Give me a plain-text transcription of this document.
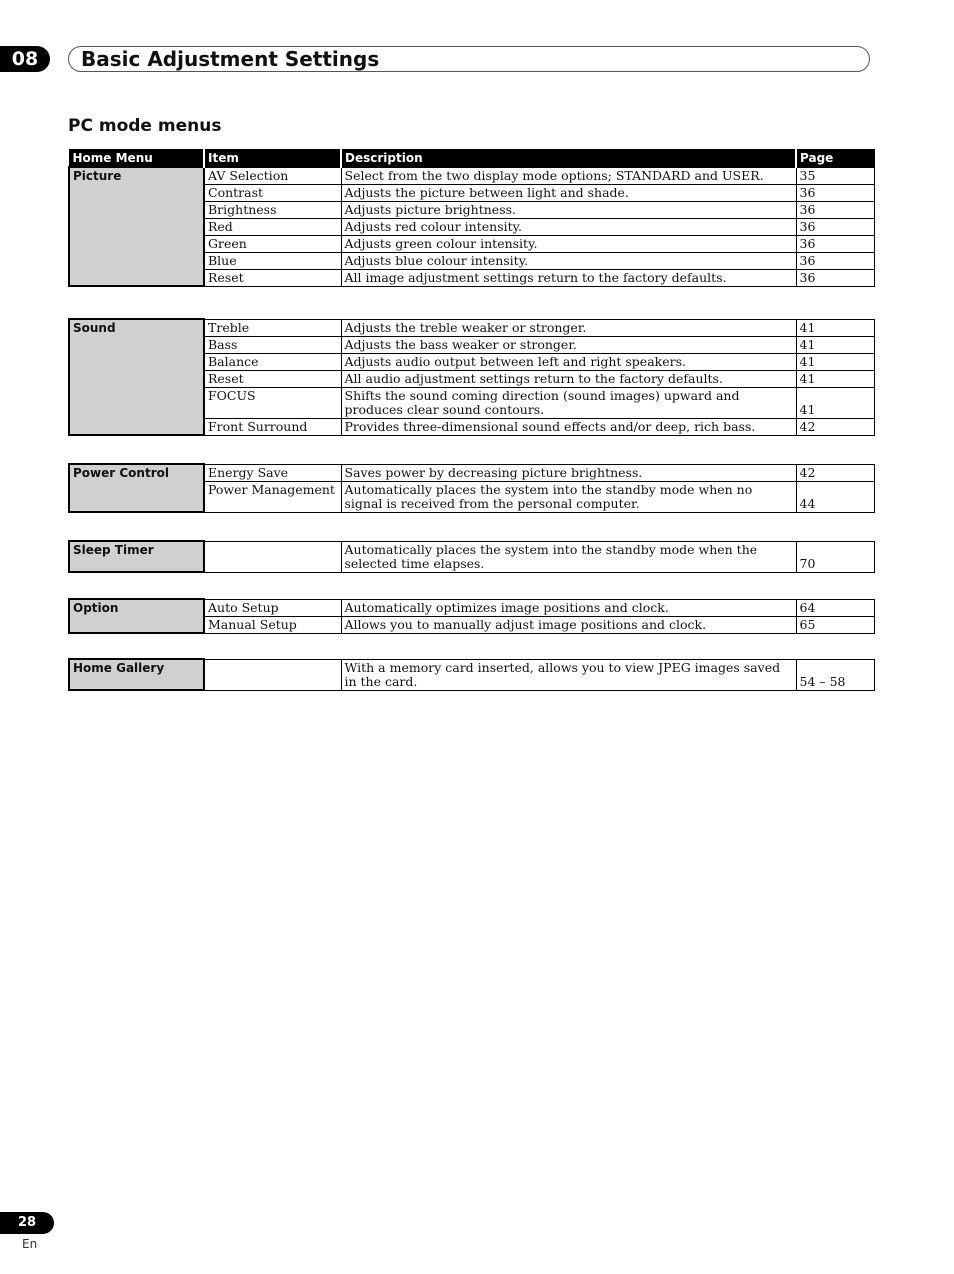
08	Basic Adjustment Settings
PC mode menus
Home Menu	Item	Description	Page
Picture	AV Selection	Select from the two display mode options; STANDARD and USER.	35
	Contrast	Adjusts the picture between light and shade.	36
	Brightness	Adjusts picture brightness.	36
	Red	Adjusts red colour intensity.	36
	Green	Adjusts green colour intensity.	36
	Blue	Adjusts blue colour intensity.	36
	Reset	All image adjustment settings return to the factory defaults.	36
Sound	Treble	Adjusts the treble weaker or stronger.	41
	Bass	Adjusts the bass weaker or stronger.	41
	Balance	Adjusts audio output between left and right speakers.	41
	Reset	All audio adjustment settings return to the factory defaults.	41
	FOCUS	Shifts the sound coming direction (sound images) upward and produces clear sound contours.	41
	Front Surround	Provides three-dimensional sound effects and/or deep, rich bass.	42
Power Control	Energy Save	Saves power by decreasing picture brightness.	42
	Power Management	Automatically places the system into the standby mode when no signal is received from the personal computer.	44
Sleep Timer		Automatically places the system into the standby mode when the selected time elapses.	70
Option	Auto Setup	Automatically optimizes image positions and clock.	64
	Manual Setup	Allows you to manually adjust image positions and clock.	65
Home Gallery		With a memory card inserted, allows you to view JPEG images saved in the card.	54 – 58
28
En
